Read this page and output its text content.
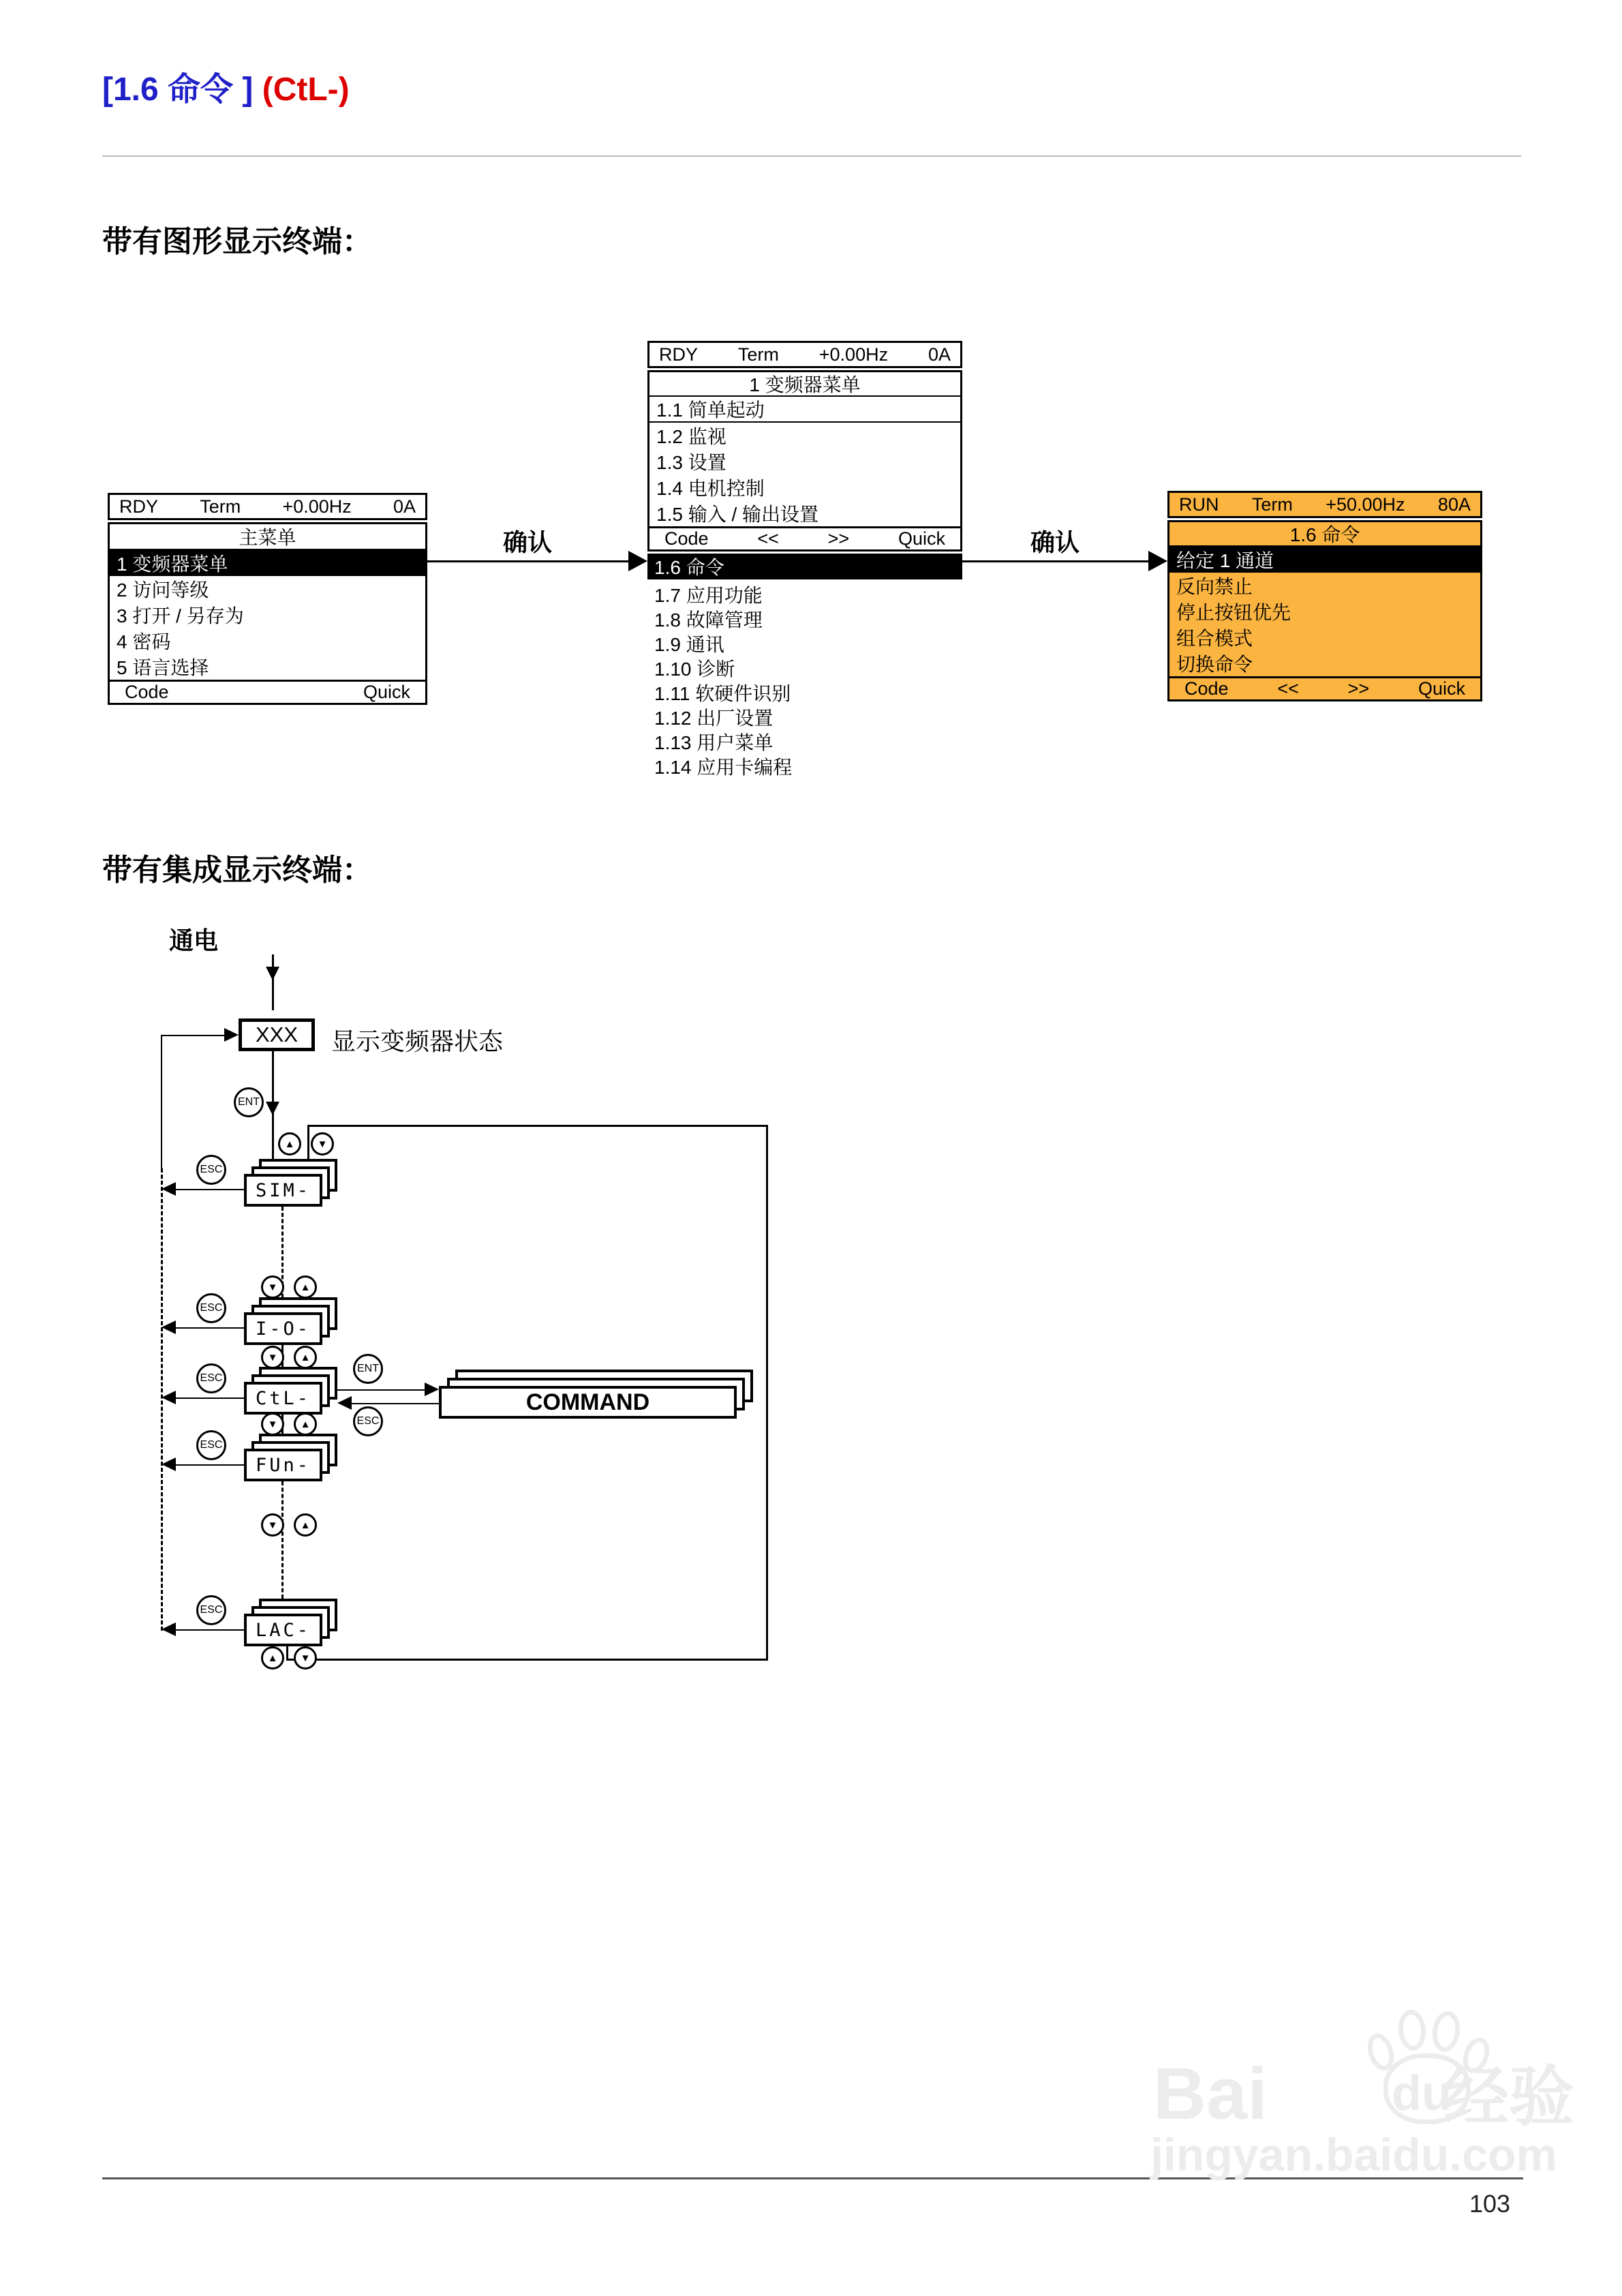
[1.6 命令 ] (CtL-)
带有图形显示终端：
RDY Term +0.00Hz 0A
主菜单
1 变频器菜单
2 访问等级
3 打开 / 另存为
4 密码
5 语言选择
Code	Quick
确认
RDY Term +0.00Hz 0A
1 变频器菜单
1.1 简单起动
1.2 监视
1.3 设置
1.4 电机控制
1.5 输入 / 输出设置
Code	<<	>>	Quick
1.6 命令
1.7 应用功能
1.8 故障管理
1.9 通讯
1.10 诊断
1.11 软硬件识别
1.12 出厂设置
1.13 用户菜单
1.14 应用卡编程
确认
RUN Term +50.00Hz 80A
1.6 命令
给定 1 通道
反向禁止
停止按钮优先
组合模式
切换命令
Code	<<	>>	Quick
带有集成显示终端：
通电
XXX	显示变频器状态
ENT
▲	▼
SIM-
ESC
▼	▲
I-O-
ESC
▼	▲
CtL-
ESC
ENT
ESC
COMMAND
▼	▲
FUn-
ESC
▼	▲
LAC-
ESC
▲	▼
Bai	du
经验
jingyan.baidu.com
103
